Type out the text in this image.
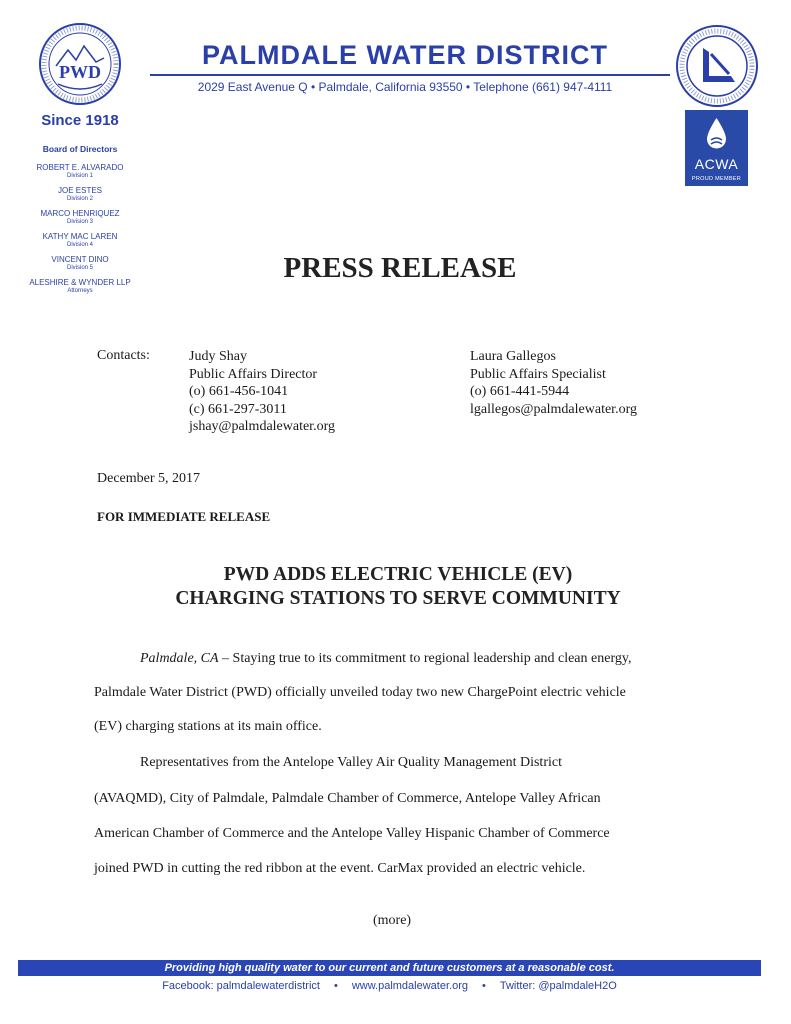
PWD
PALMDALE WATER DISTRICT
2029 East Avenue Q • Palmdale, California 93550 • Telephone (661) 947-4111
ACWA
PROUD MEMBER
Since 1918
Board of Directors
ROBERT E. ALVARADO
Division 1
JOE ESTES
Division 2
MARCO HENRIQUEZ
Division 3
KATHY MAC LAREN
Division 4
VINCENT DINO
Division 5
ALESHIRE & WYNDER LLP
Attorneys
PRESS RELEASE
Contacts:	Judy Shay
Public Affairs Director
(o) 661-456-1041
(c) 661-297-3011
jshay@palmdalewater.org
Laura Gallegos
Public Affairs Specialist
(o) 661-441-5944
lgallegos@palmdalewater.org
December 5, 2017
FOR IMMEDIATE RELEASE
PWD ADDS ELECTRIC VEHICLE (EV)
CHARGING STATIONS TO SERVE COMMUNITY
Palmdale, CA – Staying true to its commitment to regional leadership and clean energy,
Palmdale Water District (PWD) officially unveiled today two new ChargePoint electric vehicle
(EV) charging stations at its main office.
Representatives from the Antelope Valley Air Quality Management District
(AVAQMD), City of Palmdale, Palmdale Chamber of Commerce, Antelope Valley African
American Chamber of Commerce and the Antelope Valley Hispanic Chamber of Commerce
joined PWD in cutting the red ribbon at the event. CarMax provided an electric vehicle.
(more)
Providing high quality water to our current and future customers at a reasonable cost.
Facebook: palmdalewaterdistrict • www.palmdalewater.org • Twitter: @palmdaleH2O
